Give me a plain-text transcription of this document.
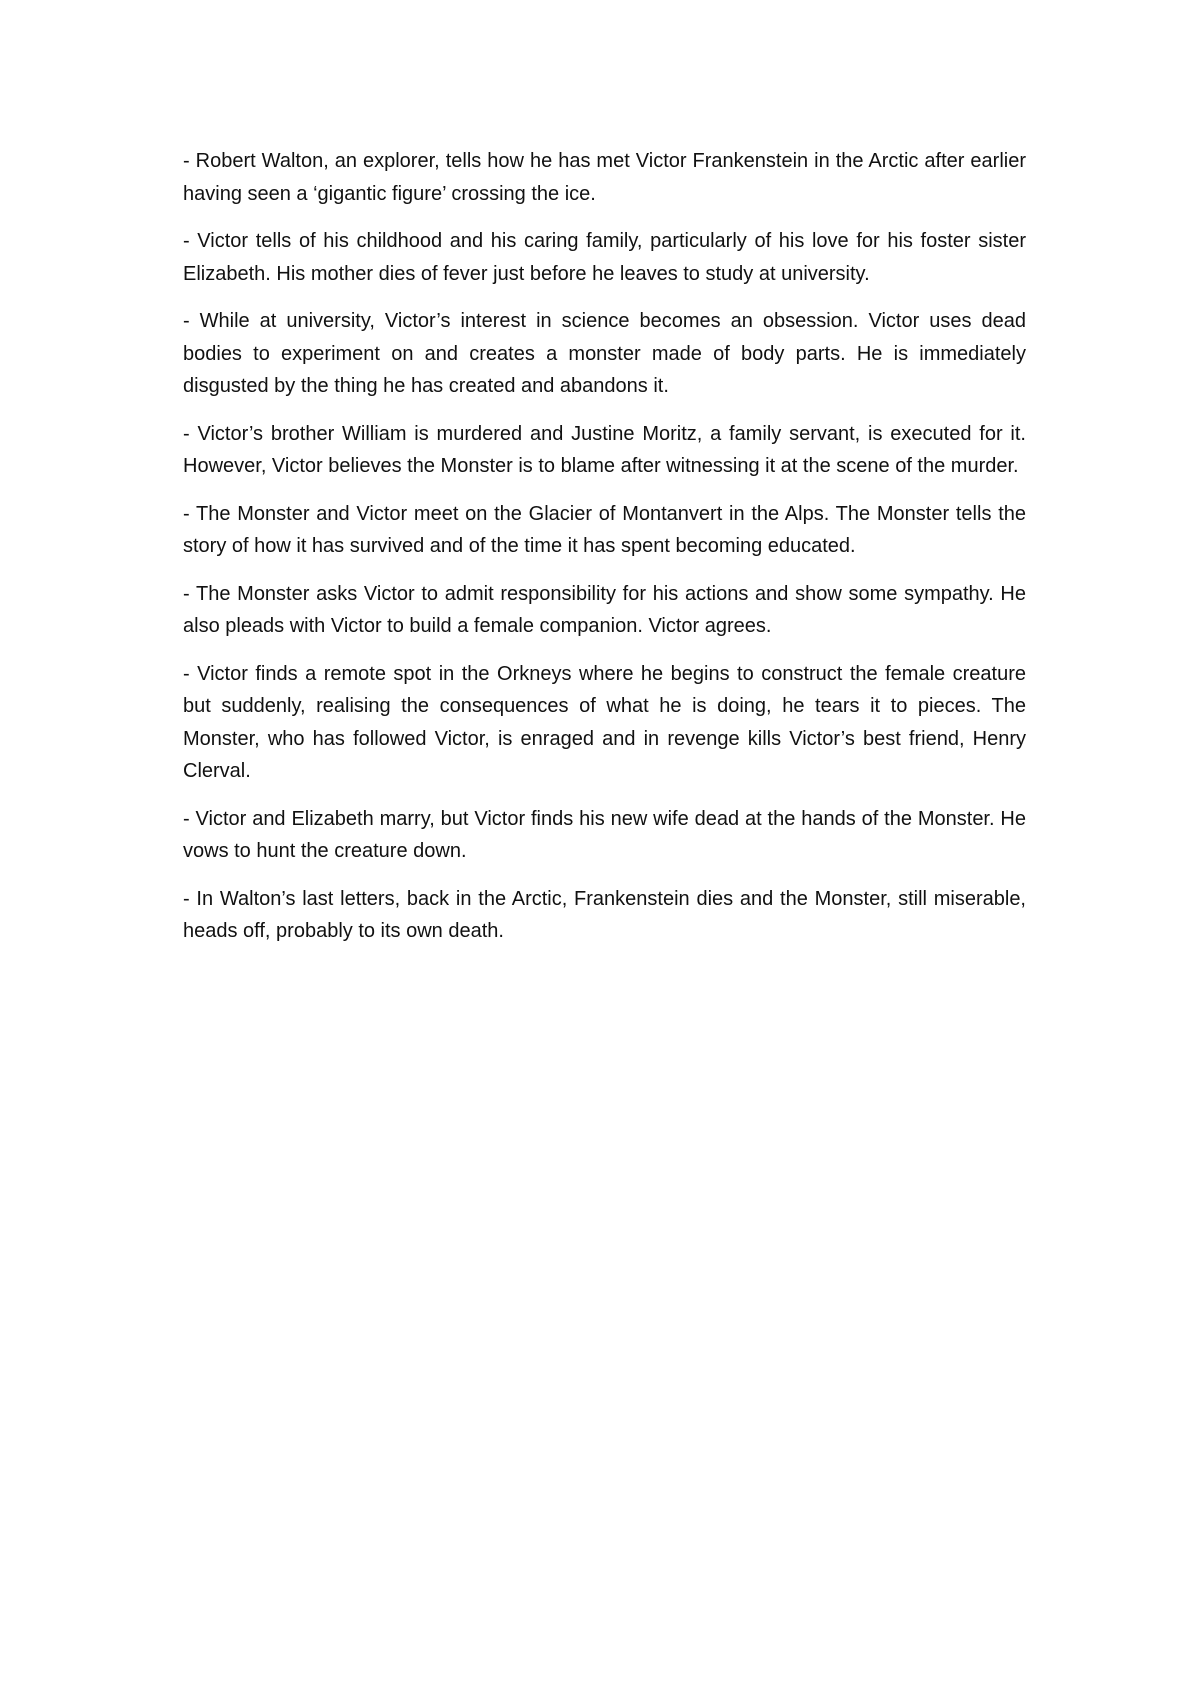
- Robert Walton, an explorer, tells how he has met Victor Frankenstein in the Arctic after earlier having seen a ‘gigantic figure’ crossing the ice.

- Victor tells of his childhood and his caring family, particularly of his love for his foster sister Elizabeth. His mother dies of fever just before he leaves to study at university.

- While at university, Victor’s interest in science becomes an obsession. Victor uses dead bodies to experiment on and creates a monster made of body parts. He is immediately disgusted by the thing he has created and abandons it.

- Victor’s brother William is murdered and Justine Moritz, a family servant, is executed for it. However, Victor believes the Monster is to blame after witnessing it at the scene of the murder.

- The Monster and Victor meet on the Glacier of Montanvert in the Alps. The Monster tells the story of how it has survived and of the time it has spent becoming educated.

- The Monster asks Victor to admit responsibility for his actions and show some sympathy. He also pleads with Victor to build a female companion. Victor agrees.

- Victor finds a remote spot in the Orkneys where he begins to construct the female creature but suddenly, realising the consequences of what he is doing, he tears it to pieces. The Monster, who has followed Victor, is enraged and in revenge kills Victor’s best friend, Henry Clerval.

- Victor and Elizabeth marry, but Victor finds his new wife dead at the hands of the Monster. He vows to hunt the creature down.

- In Walton’s last letters, back in the Arctic, Frankenstein dies and the Monster, still miserable, heads off, probably to its own death.
